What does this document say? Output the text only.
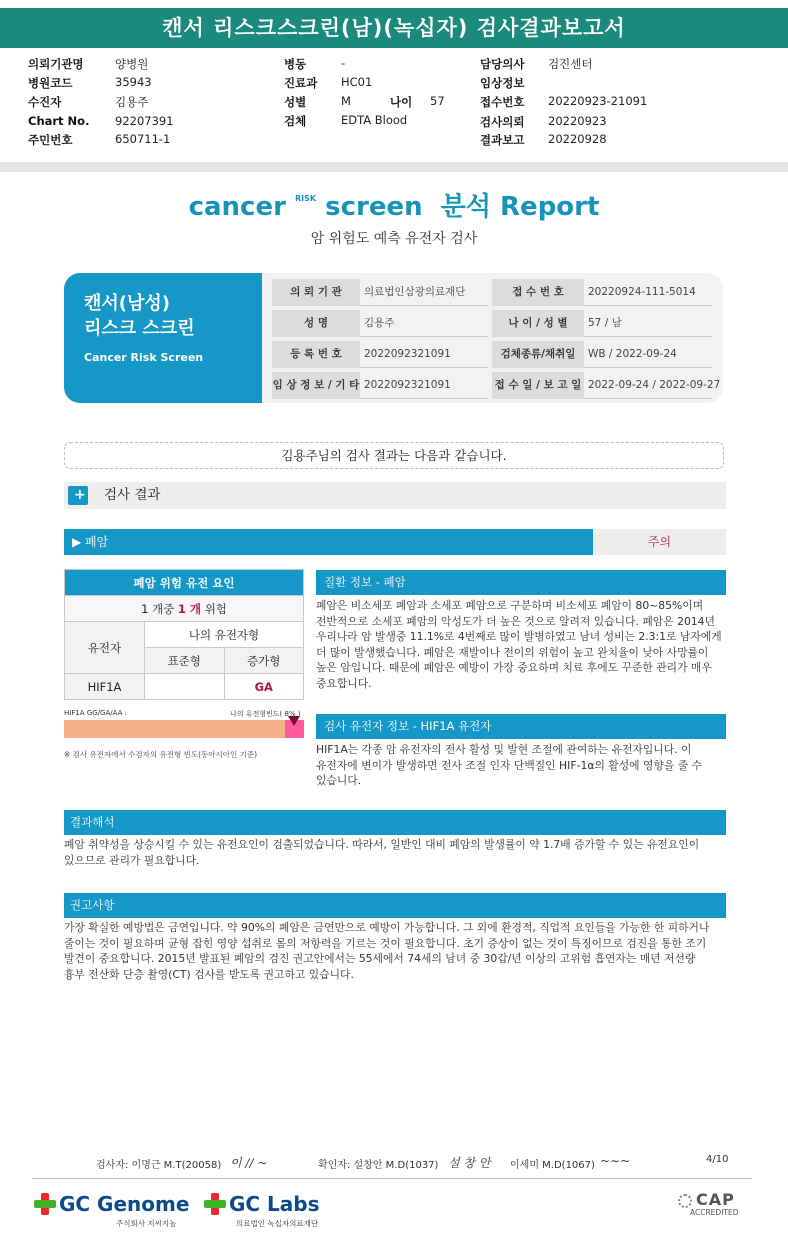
캔서 리스크스크린(남)(녹십자) 검사결과보고서
의뢰기관명	양병원
병원코드	35943
수진자	김용주
Chart No. 92207391
주민번호	650711-1
병동	-
진료과 HC01
성별	M	나이 57
검체	EDTA Blood
담당의사 검진센터
임상정보
접수번호 20220923-21091
검사의뢰 20220923
결과보고 20220928
cancer $^{RISK}$ screen 분석 Report
암 위험도 예측 유전자 검사
캔서(남성)
리스크 스크린
Cancer Risk Screen
의 뢰 기 관	의료법인삼광의료재단	접 수 번 호	20220924-111-5014
성 명	김용주	나 이 / 성 별	57 / 남
등 록 번 호	2022092321091	검체종류/채취일	WB / 2022-09-24
임 상 정 보 / 기 타 2022092321091	접 수 일 / 보 고 일 2022-09-24 / 2022-09-27
김용주님의 검사 결과는 다음과 같습니다.
+
검사 결과
▶ 폐암	주의
폐암 위험 유전 요인		
1 개중 1 개 위험		
유전자	나의 유전자형	
	표준형	증가형
HIF1A		GA
HIF1A GG/GA/AA :	나의 유전형빈도( 8% )
※ 검사 유전자에서 수검자의 유전형 빈도(동아시아인 기준)
질환 정보 - 폐암
폐암은 비소세포 폐암과 소세포 폐암으로 구분하며 비소세포 폐암이 80~85%이며
전반적으로 소세포 폐암의 악성도가 더 높은 것으로 알려져 있습니다. 폐암은 2014년
우리나라 암 발생중 11.1%로 4번째로 많이 발병하였고 남녀 성비는 2.3:1로 남자에게
더 많이 발생했습니다. 폐암은 재발이나 전이의 위험이 높고 완치율이 낮아 사망률이
높은 암입니다. 때문에 폐암은 예방이 가장 중요하며 치료 후에도 꾸준한 관리가 매우
중요합니다.
검사 유전자 정보 - HIF1A 유전자
HIF1A는 각종 암 유전자의 전사 활성 및 발현 조절에 관여하는 유전자입니다. 이
유전자에 변이가 발생하면 전사 조절 인자 단백질인 HIF-1α의 활성에 영향을 줄 수
있습니다.
결과해석
폐암 취약성을 상승시킬 수 있는 유전요인이 검출되었습니다. 따라서, 일반인 대비 폐암의 발생률이 약 1.7배 증가할 수 있는 유전요인이
있으므로 관리가 필요합니다.
권고사항
가장 확실한 예방법은 금연입니다. 약 90%의 폐암은 금연만으로 예방이 가능합니다. 그 외에 환경적, 직업적 요인들을 가능한 한 피하거나
줄이는 것이 필요하며 균형 잡힌 영양 섭취로 몸의 저항력을 기르는 것이 필요합니다. 초기 증상이 없는 것이 특징이므로 검진을 통한 조기
발견이 중요합니다. 2015년 발표된 폐암의 검진 권고안에서는 55세에서 74세의 남녀 중 30갑/년 이상의 고위험 흡연자는 매년 저선량
흉부 전산화 단층 촬영(CT) 검사를 받도록 권고하고 있습니다.
검사자: 이명근 M.T(20058) 이 ∕∕ ~	확인자: 설창안 M.D(1037) 설 창 안 이세미 M.D(1067) ~∼~	4/10
GC Genome
주식회사 지씨지놈
GC Labs
의료법인 녹십자의료재단
CAP
ACCREDITED
